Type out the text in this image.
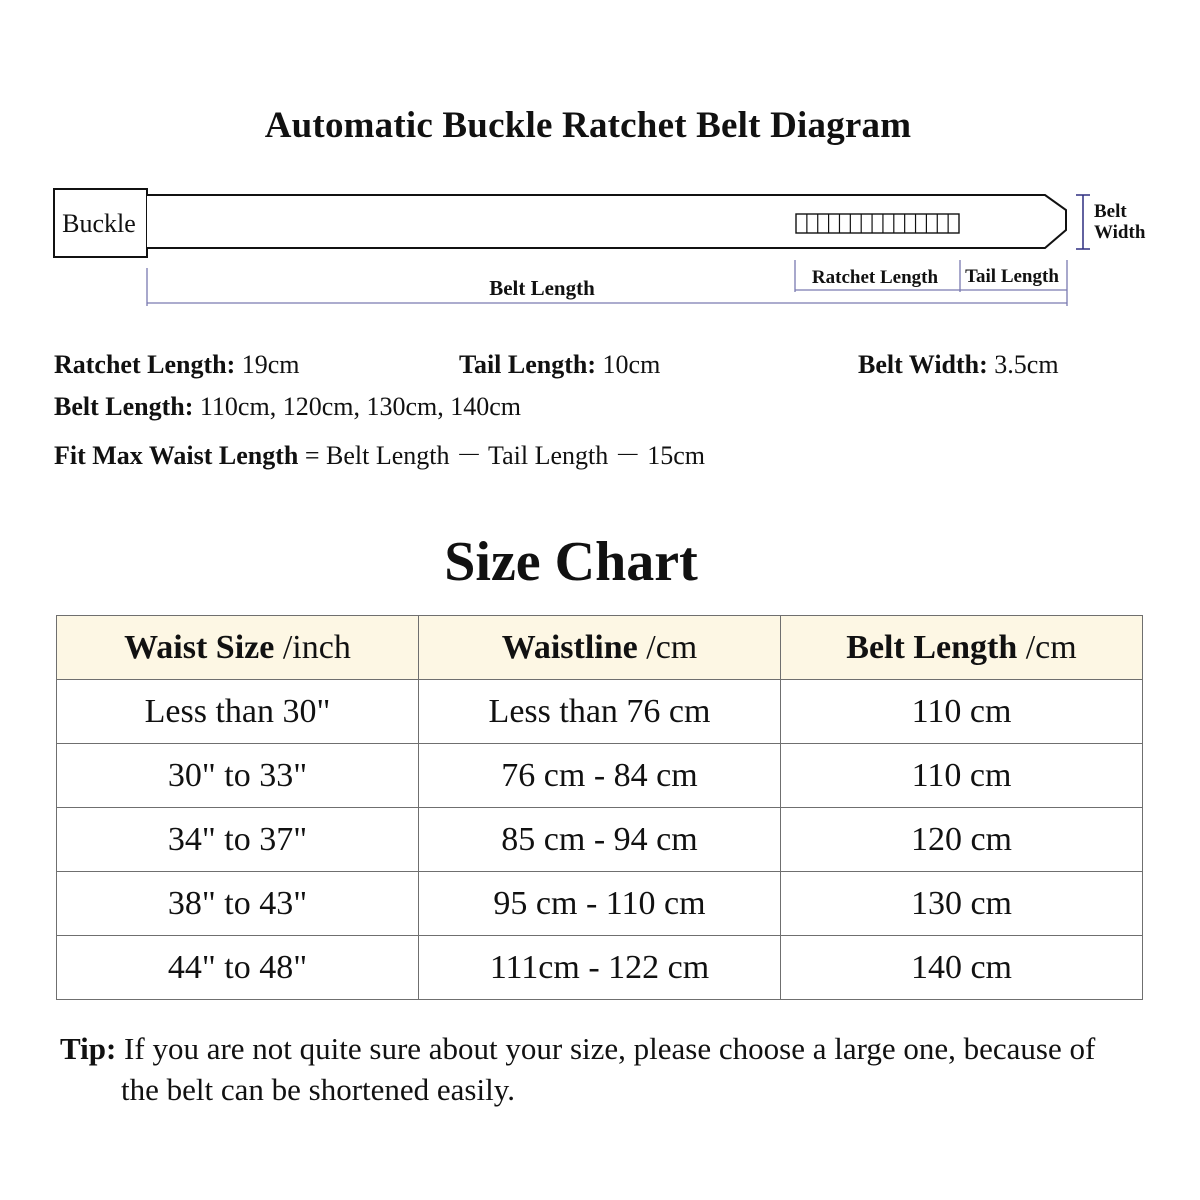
Automatic Buckle Ratchet Belt Diagram
Buckle	Belt
Width
Belt Length	Ratchet Length Tail Length
Ratchet Length: 19cm	Tail Length: 10cm	Belt Width: 3.5cm
Belt Length: 110cm, 120cm, 130cm, 140cm
Fit Max Waist Length = Belt Length － Tail Length － 15cm
Size Chart
Waist Size /inch	Waistline /cm	Belt Length /cm
Less than 30"	Less than 76 cm	110 cm
30" to 33"	76 cm - 84 cm	110 cm
34" to 37"	85 cm - 94 cm	120 cm
38" to 43"	95 cm - 110 cm	130 cm
44" to 48"	111cm - 122 cm	140 cm
Tip: If you are not quite sure about your size, please choose a large one, because of
the belt can be shortened easily.
